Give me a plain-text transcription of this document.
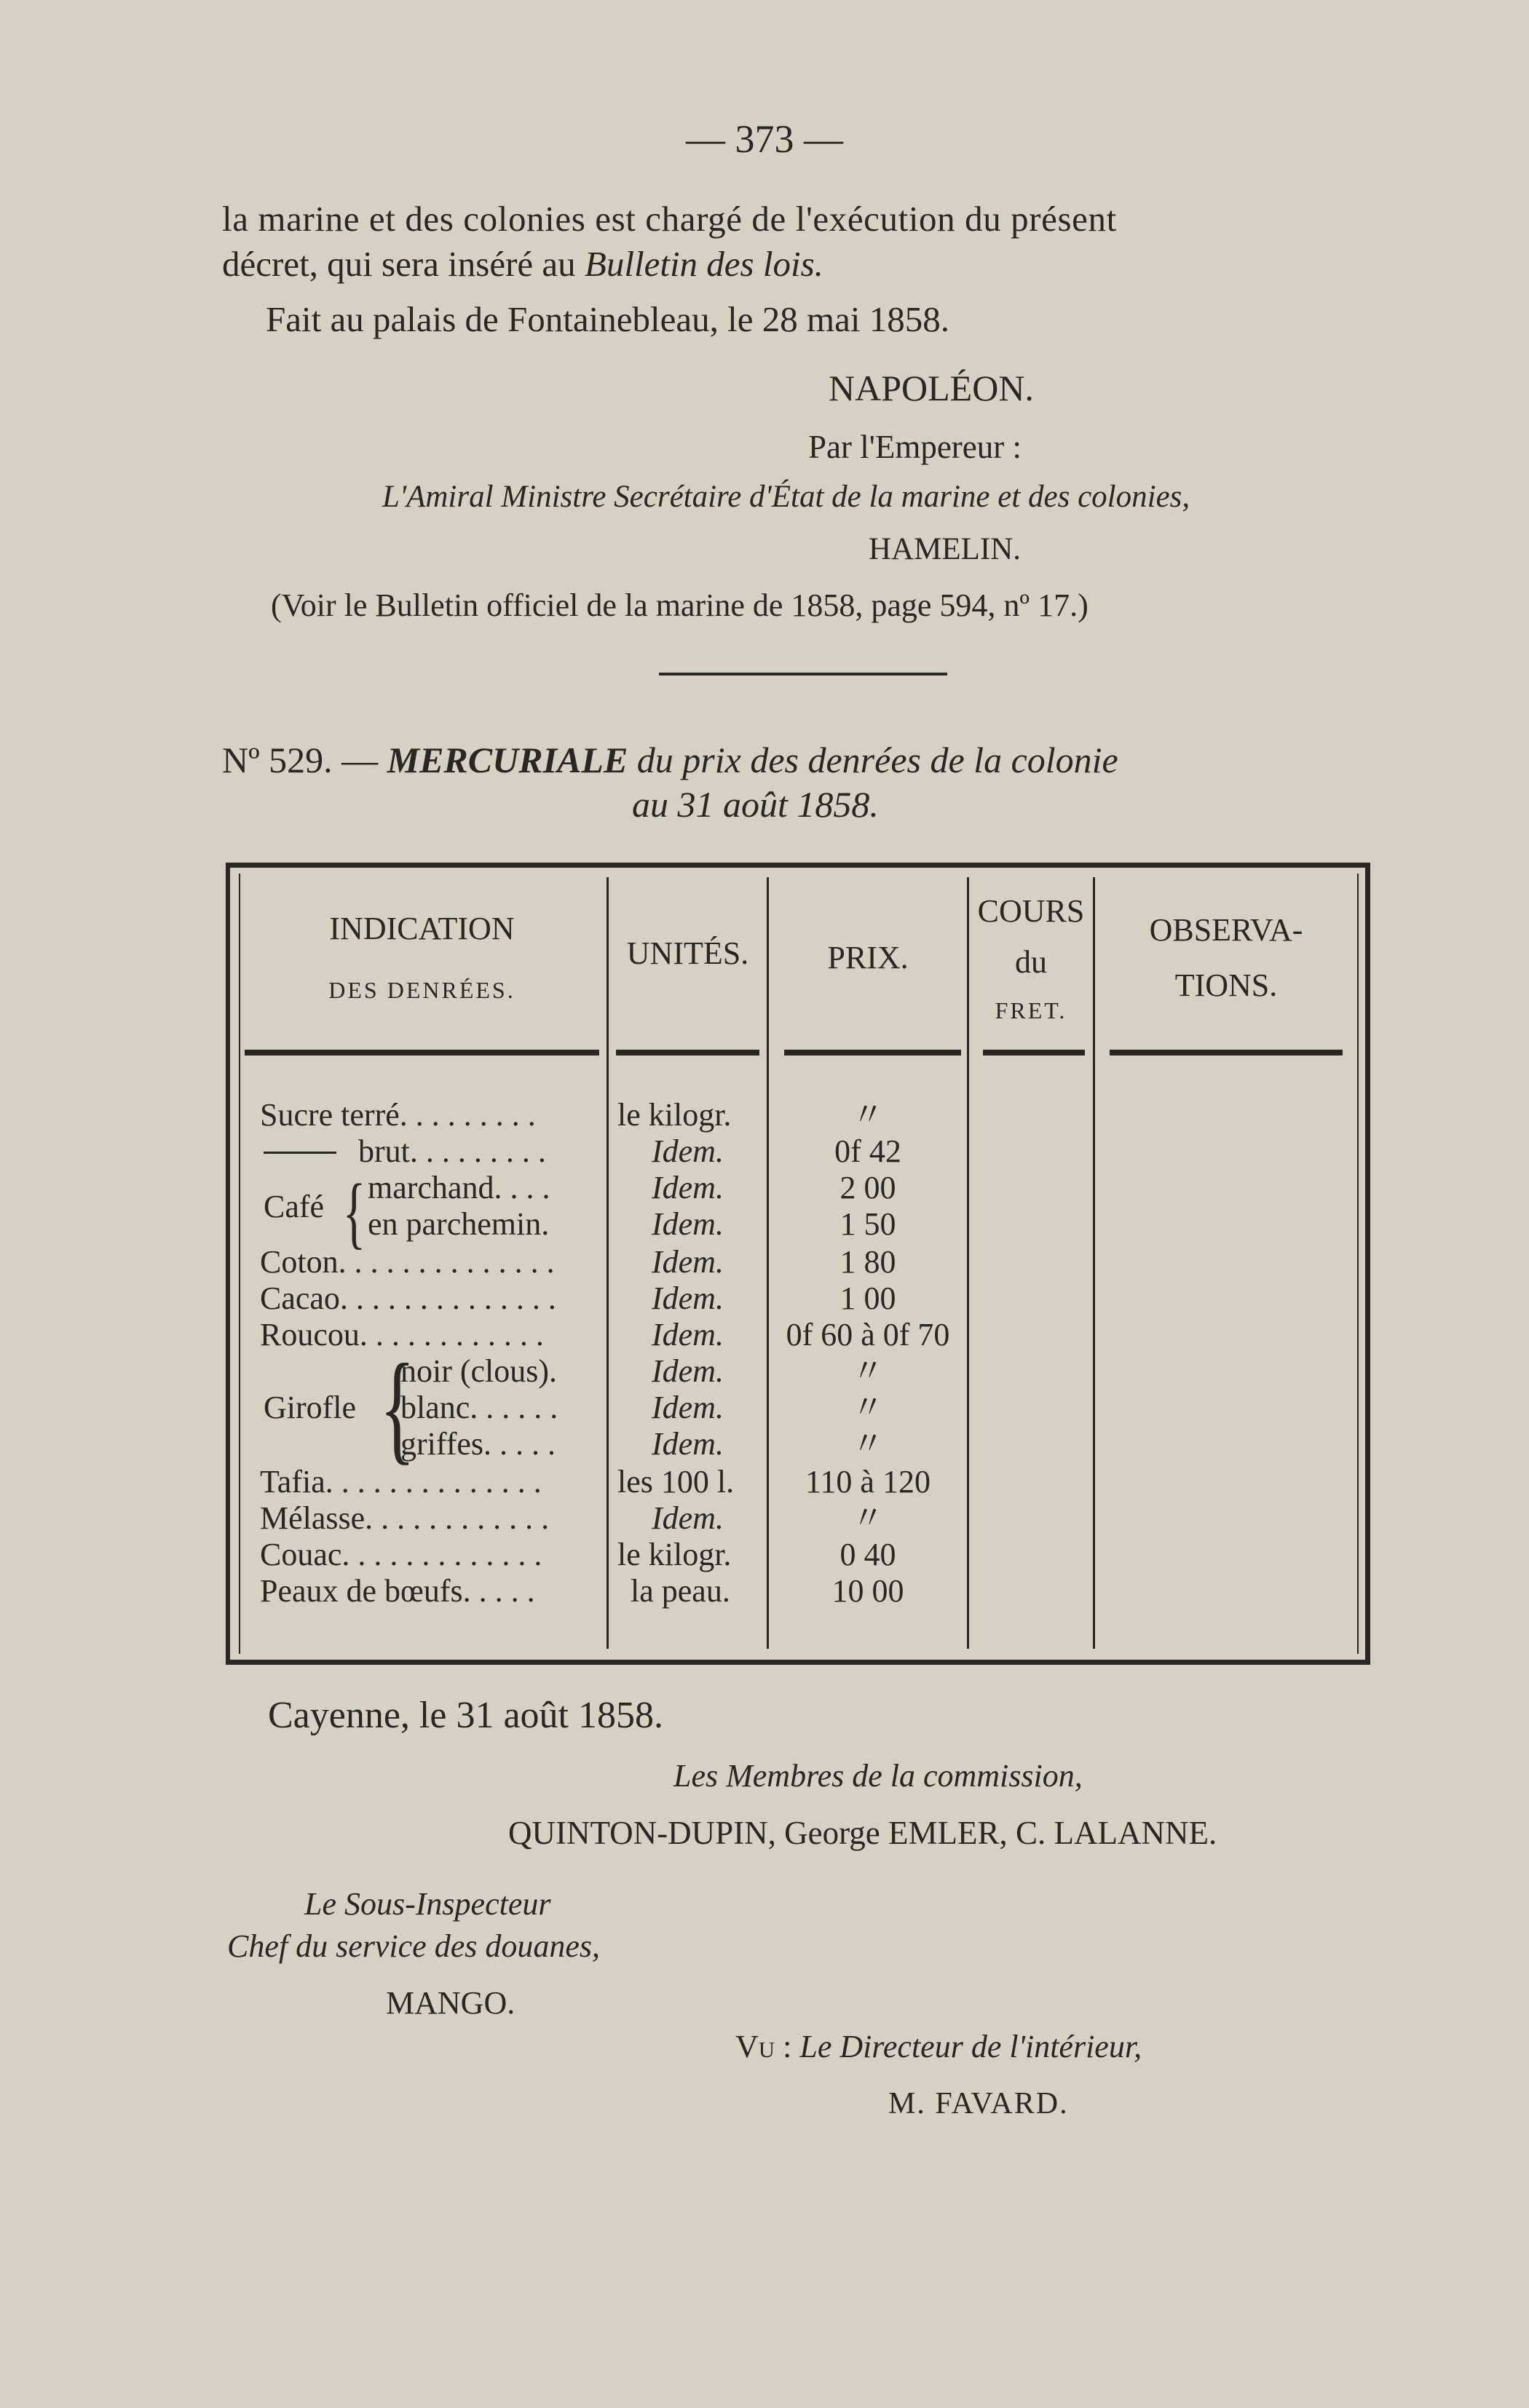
— 373 —
la marine et des colonies est chargé de l'exécution du présent
décret, qui sera inséré au Bulletin des lois.
Fait au palais de Fontainebleau, le 28 mai 1858.
NAPOLÉON.
Par l'Empereur :
L'Amiral Ministre Secrétaire d'État de la marine et des colonies,
HAMELIN.
(Voir le Bulletin officiel de la marine de 1858, page 594, nº 17.)
Nº 529. — MERCURIALE du prix des denrées de la colonie
au 31 août 1858.
INDICATION
DES DENRÉES.
UNITÉS.	PRIX.
COURS
du
FRET.
OBSERVA-
TIONS.
Sucre terré. . . . . . . . .	le kilogr.	〃
brut. . . . . . . . .	Idem.	0f 42
Café { marchand. . . .	Idem.	2 00
en parchemin.	Idem.	1 50
Coton. . . . . . . . . . . . . .	Idem.	1 80
Cacao. . . . . . . . . . . . . .	Idem.	1 00
Roucou. . . . . . . . . . . .	Idem.	0f 60 à 0f 70
Girofle {
noir (clous).	Idem.	〃
blanc. . . . . .	Idem.	〃
griffes. . . . .	Idem.	〃
Tafia. . . . . . . . . . . . . . les 100 l.	110 à 120
Mélasse. . . . . . . . . . . .	Idem.	〃
Couac. . . . . . . . . . . . . le kilogr.	0 40
Peaux de bœufs. . . . .	la peau.	10 00
Cayenne, le 31 août 1858.
Les Membres de la commission,
QUINTON-DUPIN, George EMLER, C. LALANNE.
Le Sous-Inspecteur
Chef du service des douanes,
MANGO.
Vu : Le Directeur de l'intérieur,
M. FAVARD.
